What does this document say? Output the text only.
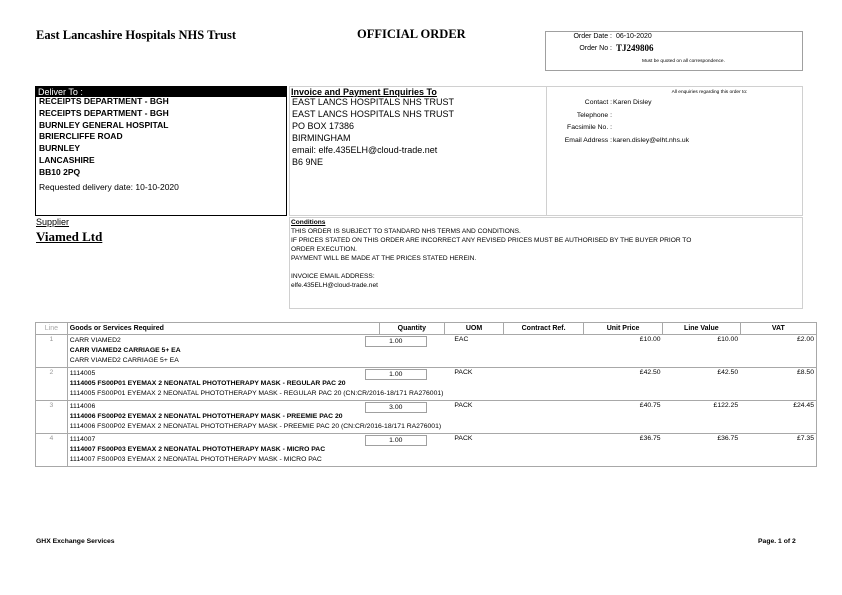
East Lancashire Hospitals NHS Trust	OFFICIAL ORDER	Order Date : 06-10-2020
Order No : TJ249806
Must be quoted on all correspondence.
Deliver To :
RECEIPTS DEPARTMENT - BGH
RECEIPTS DEPARTMENT - BGH
BURNLEY GENERAL HOSPITAL
BRIERCLIFFE ROAD
BURNLEY
LANCASHIRE
BB10 2PQ
Requested delivery date: 10-10-2020
Invoice and Payment Enquiries To
EAST LANCS HOSPITALS NHS TRUST
EAST LANCS HOSPITALS NHS TRUST
PO BOX 17386
BIRMINGHAM
email: elfe.435ELH@cloud-trade.net
B6 9NE
All enquiries regarding this order to:
Contact : Karen Disley
Telephone :
Facsimile No. :
Email Address : karen.disley@elht.nhs.uk
Supplier
Viamed Ltd
Conditions
THIS ORDER IS SUBJECT TO STANDARD NHS TERMS AND CONDITIONS.
IF PRICES STATED ON THIS ORDER ARE INCORRECT ANY REVISED PRICES MUST BE AUTHORISED BY THE BUYER PRIOR TO
ORDER EXECUTION.
PAYMENT WILL BE MADE AT THE PRICES STATED HEREIN.
INVOICE EMAIL ADDRESS:
elfe.435ELH@cloud-trade.net
Line	Goods or Services Required	Quantity	UOM	Contract Ref.	Unit Price	Line Value	VAT
1	CARR VIAMED2
CARR VIAMED2 CARRIAGE 5+ EA
CARR VIAMED2 CARRIAGE 5+ EA
1.00		EAC		£10.00	£10.00	£2.00
2	1114005
1114005 FS00P01 EYEMAX 2 NEONATAL PHOTOTHERAPY MASK - REGULAR PAC 20
1114005 FS00P01 EYEMAX 2 NEONATAL PHOTOTHERAPY MASK - REGULAR PAC 20 (CN:CR/2016-18/171 RA276001)
1.00		PACK		£42.50	£42.50	£8.50
3	1114006
1114006 FS00P02 EYEMAX 2 NEONATAL PHOTOTHERAPY MASK - PREEMIE PAC 20
1114006 FS00P02 EYEMAX 2 NEONATAL PHOTOTHERAPY MASK - PREEMIE PAC 20 (CN:CR/2016-18/171 RA276001)
3.00		PACK		£40.75	£122.25	£24.45
4	1114007
1114007 FS00P03 EYEMAX 2 NEONATAL PHOTOTHERAPY MASK - MICRO PAC
1114007 FS00P03 EYEMAX 2 NEONATAL PHOTOTHERAPY MASK - MICRO PAC
1.00		PACK		£36.75	£36.75	£7.35
GHX Exchange Services	Page. 1 of 2
